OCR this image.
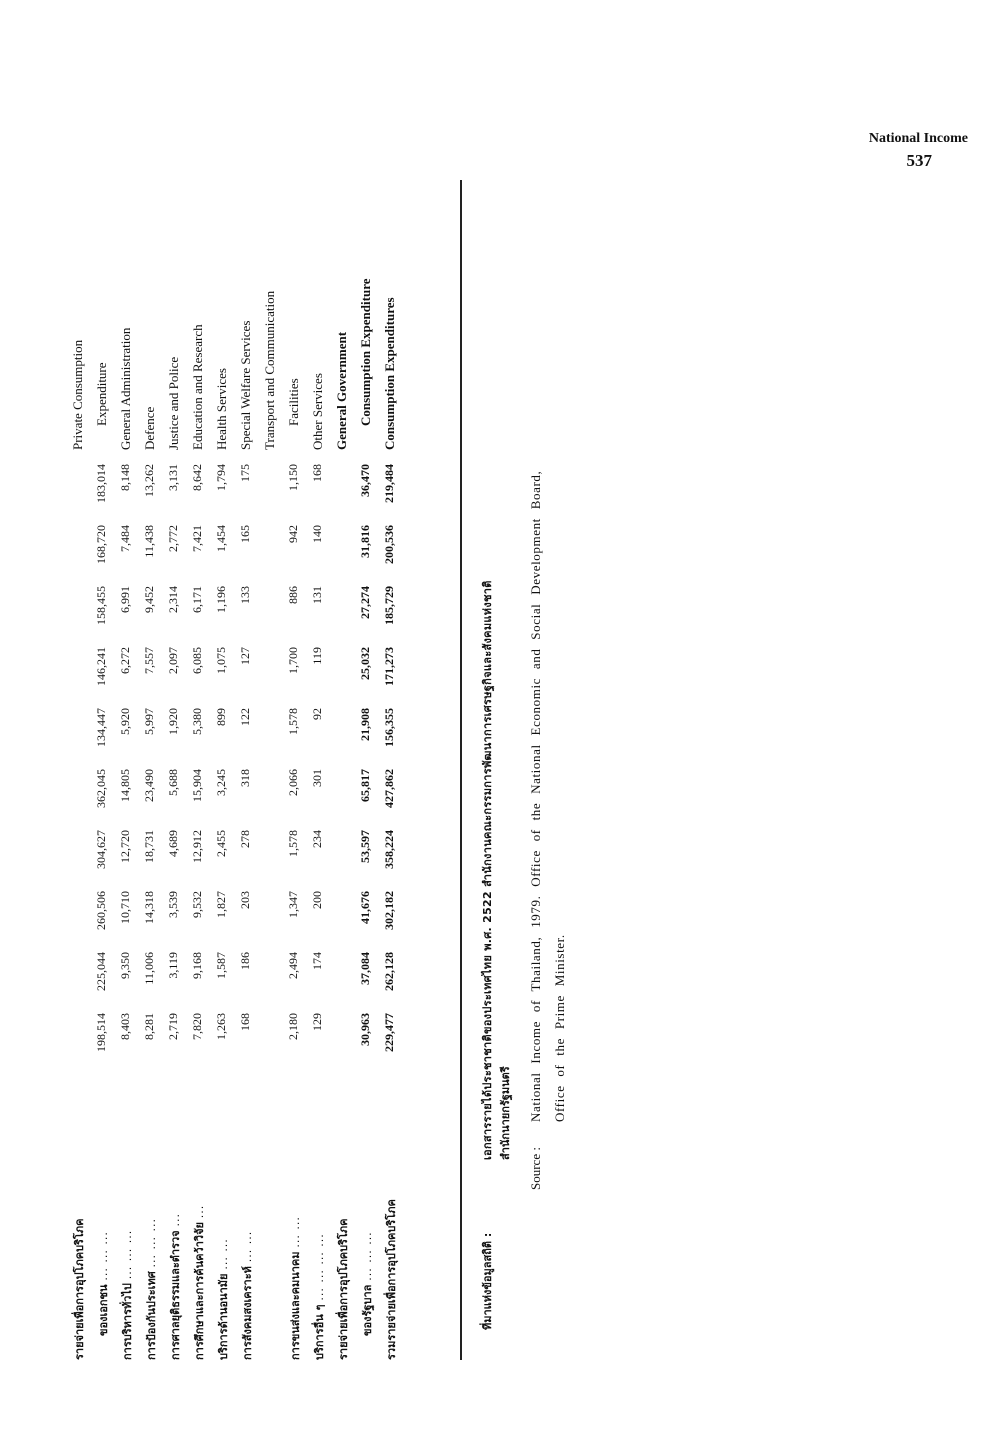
National Income
537
รายจ่ายเพื่อการอุปโภคบริโภค
Private Consumption
ของเอกชน ... ... ...
198,514
225,044
260,506
304,627
362,045
134,447
146,241
158,455
168,720
183,014
Expenditure
การบริหารทั่วไป ... ... ...
8,403
9,350
10,710
12,720
14,805
5,920
6,272
6,991
7,484
8,148
General Administration
การป้องกันประเทศ ... ... ...
8,281
11,006
14,318
18,731
23,490
5,997
7,557
9,452
11,438
13,262
Defence
การศาลยุติธรรมและตำรวจ ...
2,719
3,119
3,539
4,689
5,688
1,920
2,097
2,314
2,772
3,131
Justice and Police
การศึกษาและการค้นคว้าวิจัย ...
7,820
9,168
9,532
12,912
15,904
5,380
6,085
6,171
7,421
8,642
Education and Research
บริการด้านอนามัย ... ...
1,263
1,587
1,827
2,455
3,245
899
1,075
1,196
1,454
1,794
Health Services
การสังคมสงเคราะห์ ... ...
168
186
203
278
318
122
127
133
165
175
Special Welfare Services Transport and Communication
การขนส่งและคมนาคม ... ...
2,180
2,494
1,347
1,578
2,066
1,578
1,700
886
942
1,150
Facilities
บริการอื่น ๆ ... ... ... ...
129
174
200
234
301
92
119
131
140
168
Other Services
รายจ่ายเพื่อการอุปโภคบริโภค
General Government
ของรัฐบาล ... ... ...
30,963
37,084
41,676
53,597
65,817
21,908
25,032
27,274
31,816
36,470
Consumption Expenditure
รวมรายจ่ายเพื่อการอุปโภคบริโภค
229,477
262,128
302,182
358,224
427,862
156,355
171,273
185,729
200,536
219,484
Consumption Expenditures
ที่มาแห่งข้อมูลสถิติ :
เอกสารรายได้ประชาชาติของประเทศไทย พ.ศ. 2522 สำนักงานคณะกรรมการพัฒนาการเศรษฐกิจและสังคมแห่งชาติ สำนักนายกรัฐมนตรี
Source :
National Income of Thailand, 1979. Office of the National Economic and Social Development Board, Office of the Prime Minister.
